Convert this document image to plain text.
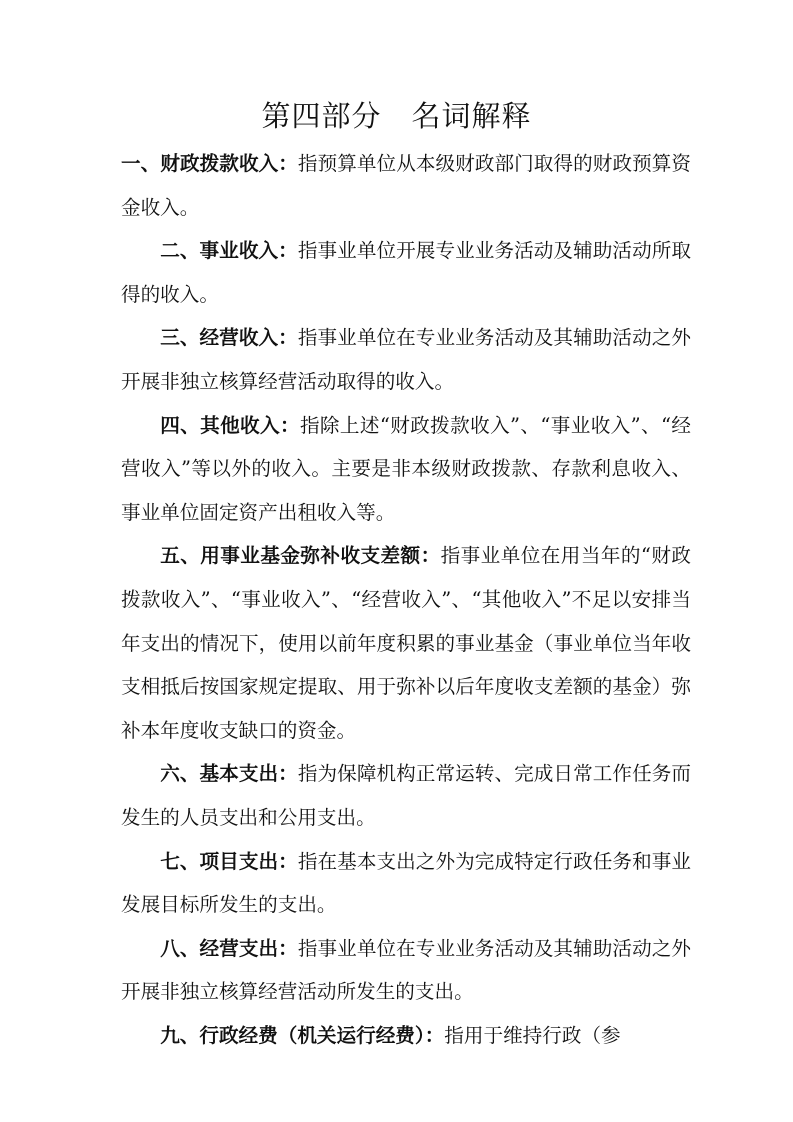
第四部分 名词解释

一、财政拨款收入：指预算单位从本级财政部门取得的财政预算资金收入。

二、事业收入：指事业单位开展专业业务活动及辅助活动所取得的收入。

三、经营收入：指事业单位在专业业务活动及其辅助活动之外开展非独立核算经营活动取得的收入。

四、其他收入：指除上述“财政拨款收入”、“事业收入”、“经营收入”等以外的收入。主要是非本级财政拨款、存款利息收入、事业单位固定资产出租收入等。

五、用事业基金弥补收支差额：指事业单位在用当年的“财政拨款收入”、“事业收入”、“经营收入”、“其他收入”不足以安排当年支出的情况下，使用以前年度积累的事业基金（事业单位当年收支相抵后按国家规定提取、用于弥补以后年度收支差额的基金）弥补本年度收支缺口的资金。

六、基本支出：指为保障机构正常运转、完成日常工作任务而发生的人员支出和公用支出。

七、项目支出：指在基本支出之外为完成特定行政任务和事业发展目标所发生的支出。

八、经营支出：指事业单位在专业业务活动及其辅助活动之外开展非独立核算经营活动所发生的支出。

九、行政经费（机关运行经费）：指用于维持行政（参
